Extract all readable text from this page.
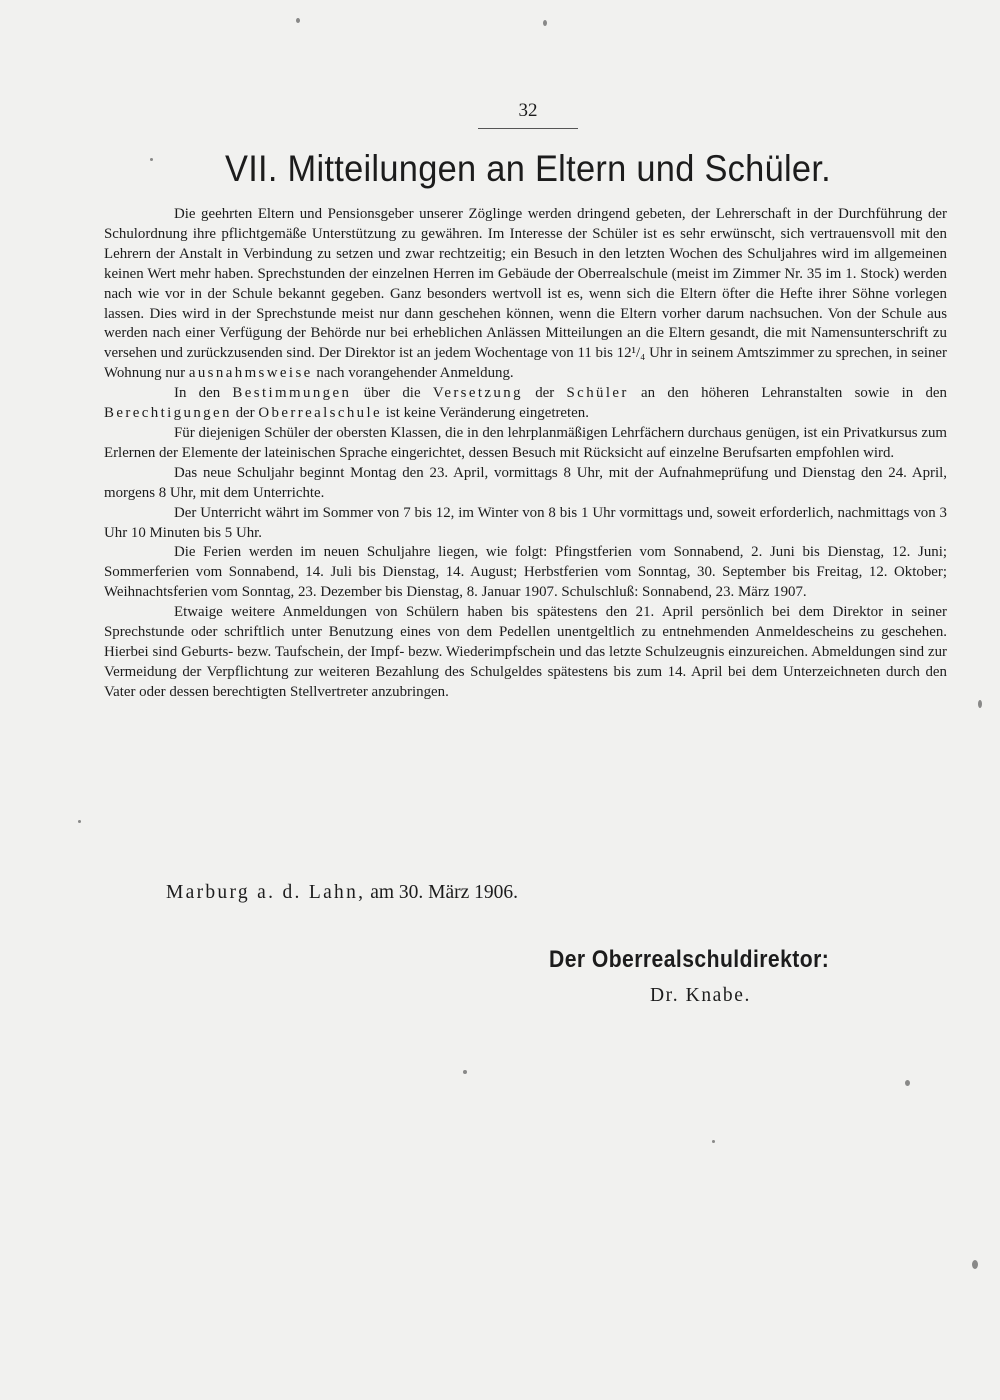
32
VII. Mitteilungen an Eltern und Schüler.

Die geehrten Eltern und Pensionsgeber unserer Zöglinge werden dringend gebeten, der Lehrerschaft in der Durchführung der Schulordnung ihre pflichtgemäße Unterstützung zu gewähren. Im Interesse der Schüler ist es sehr erwünscht, sich vertrauensvoll mit den Lehrern der Anstalt in Verbindung zu setzen und zwar rechtzeitig; ein Besuch in den letzten Wochen des Schuljahres wird im allgemeinen keinen Wert mehr haben. Sprechstunden der einzelnen Herren im Gebäude der Oberrealschule (meist im Zimmer Nr. 35 im 1. Stock) werden nach wie vor in der Schule bekannt gegeben. Ganz besonders wertvoll ist es, wenn sich die Eltern öfter die Hefte ihrer Söhne vorlegen lassen. Dies wird in der Sprechstunde meist nur dann geschehen können, wenn die Eltern vorher darum nachsuchen. Von der Schule aus werden nach einer Verfügung der Behörde nur bei erheblichen Anlässen Mitteilungen an die Eltern gesandt, die mit Namensunterschrift zu versehen und zurückzusenden sind. Der Direktor ist an jedem Wochentage von 11 bis 12¹/₄ Uhr in seinem Amtszimmer zu sprechen, in seiner Wohnung nur ausnahmsweise nach vorangehender Anmeldung.

In den Bestimmungen über die Versetzung der Schüler an den höheren Lehranstalten sowie in den Berechtigungen der Oberrealschule ist keine Veränderung eingetreten.

Für diejenigen Schüler der obersten Klassen, die in den lehrplanmäßigen Lehrfächern durchaus genügen, ist ein Privatkursus zum Erlernen der Elemente der lateinischen Sprache eingerichtet, dessen Besuch mit Rücksicht auf einzelne Berufsarten empfohlen wird.

Das neue Schuljahr beginnt Montag den 23. April, vormittags 8 Uhr, mit der Aufnahmeprüfung und Dienstag den 24. April, morgens 8 Uhr, mit dem Unterrichte.

Der Unterricht währt im Sommer von 7 bis 12, im Winter von 8 bis 1 Uhr vormittags und, soweit erforderlich, nachmittags von 3 Uhr 10 Minuten bis 5 Uhr.

Die Ferien werden im neuen Schuljahre liegen, wie folgt: Pfingstferien vom Sonnabend, 2. Juni bis Dienstag, 12. Juni; Sommerferien vom Sonnabend, 14. Juli bis Dienstag, 14. August; Herbstferien vom Sonntag, 30. September bis Freitag, 12. Oktober; Weihnachtsferien vom Sonntag, 23. Dezember bis Dienstag, 8. Januar 1907. Schulschluß: Sonnabend, 23. März 1907.

Etwaige weitere Anmeldungen von Schülern haben bis spätestens den 21. April persönlich bei dem Direktor in seiner Sprechstunde oder schriftlich unter Benutzung eines von dem Pedellen unentgeltlich zu entnehmenden Anmeldescheins zu geschehen. Hierbei sind Geburts- bezw. Taufschein, der Impf- bezw. Wiederimpfschein und das letzte Schulzeugnis einzureichen. Abmeldungen sind zur Vermeidung der Verpflichtung zur weiteren Bezahlung des Schulgeldes spätestens bis zum 14. April bei dem Unterzeichneten durch den Vater oder dessen berechtigten Stellvertreter anzubringen.

Marburg a. d. Lahn, am 30. März 1906.
Der Oberrealschuldirektor:
Dr. Knabe.
